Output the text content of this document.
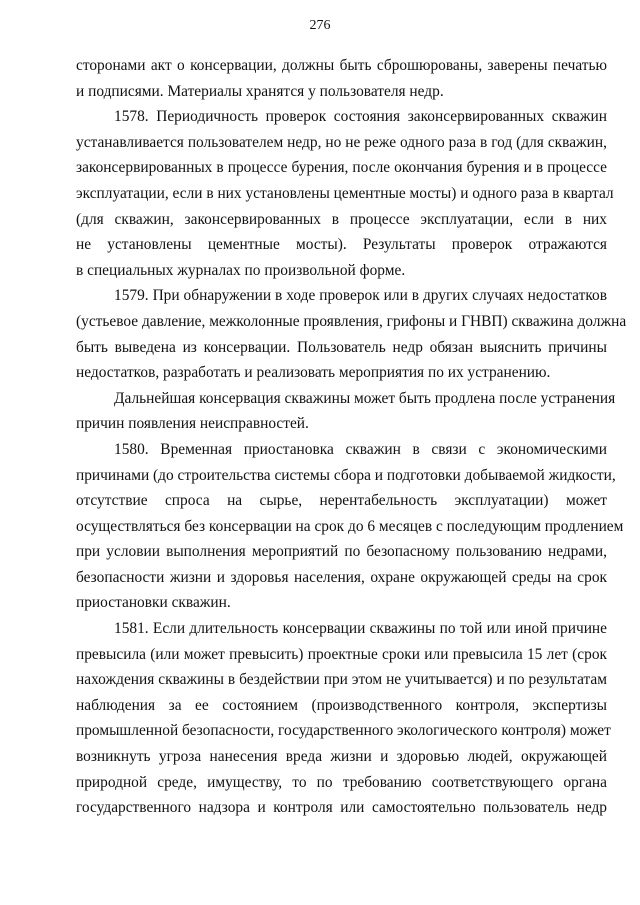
276
сторонами акт о консервации, должны быть сброшюрованы, заверены печатью
и подписями. Материалы хранятся у пользователя недр.
1578. Периодичность проверок состояния законсервированных скважин
устанавливается пользователем недр, но не реже одного раза в год (для скважин,
законсервированных в процессе бурения, после окончания бурения и в процессе
эксплуатации, если в них установлены цементные мосты) и одного раза в квартал
(для скважин, законсервированных в процессе эксплуатации, если в них
не установлены цементные мосты). Результаты проверок отражаются
в специальных журналах по произвольной форме.
1579. При обнаружении в ходе проверок или в других случаях недостатков
(устьевое давление, межколонные проявления, грифоны и ГНВП) скважина должна
быть выведена из консервации. Пользователь недр обязан выяснить причины
недостатков, разработать и реализовать мероприятия по их устранению.
Дальнейшая консервация скважины может быть продлена после устранения
причин появления неисправностей.
1580. Временная приостановка скважин в связи с экономическими
причинами (до строительства системы сбора и подготовки добываемой жидкости,
отсутствие спроса на сырье, нерентабельность эксплуатации) может
осуществляться без консервации на срок до 6 месяцев с последующим продлением
при условии выполнения мероприятий по безопасному пользованию недрами,
безопасности жизни и здоровья населения, охране окружающей среды на срок
приостановки скважин.
1581. Если длительность консервации скважины по той или иной причине
превысила (или может превысить) проектные сроки или превысила 15 лет (срок
нахождения скважины в бездействии при этом не учитывается) и по результатам
наблюдения за ее состоянием (производственного контроля, экспертизы
промышленной безопасности, государственного экологического контроля) может
возникнуть угроза нанесения вреда жизни и здоровью людей, окружающей
природной среде, имуществу, то по требованию соответствующего органа
государственного надзора и контроля или самостоятельно пользователь недр
